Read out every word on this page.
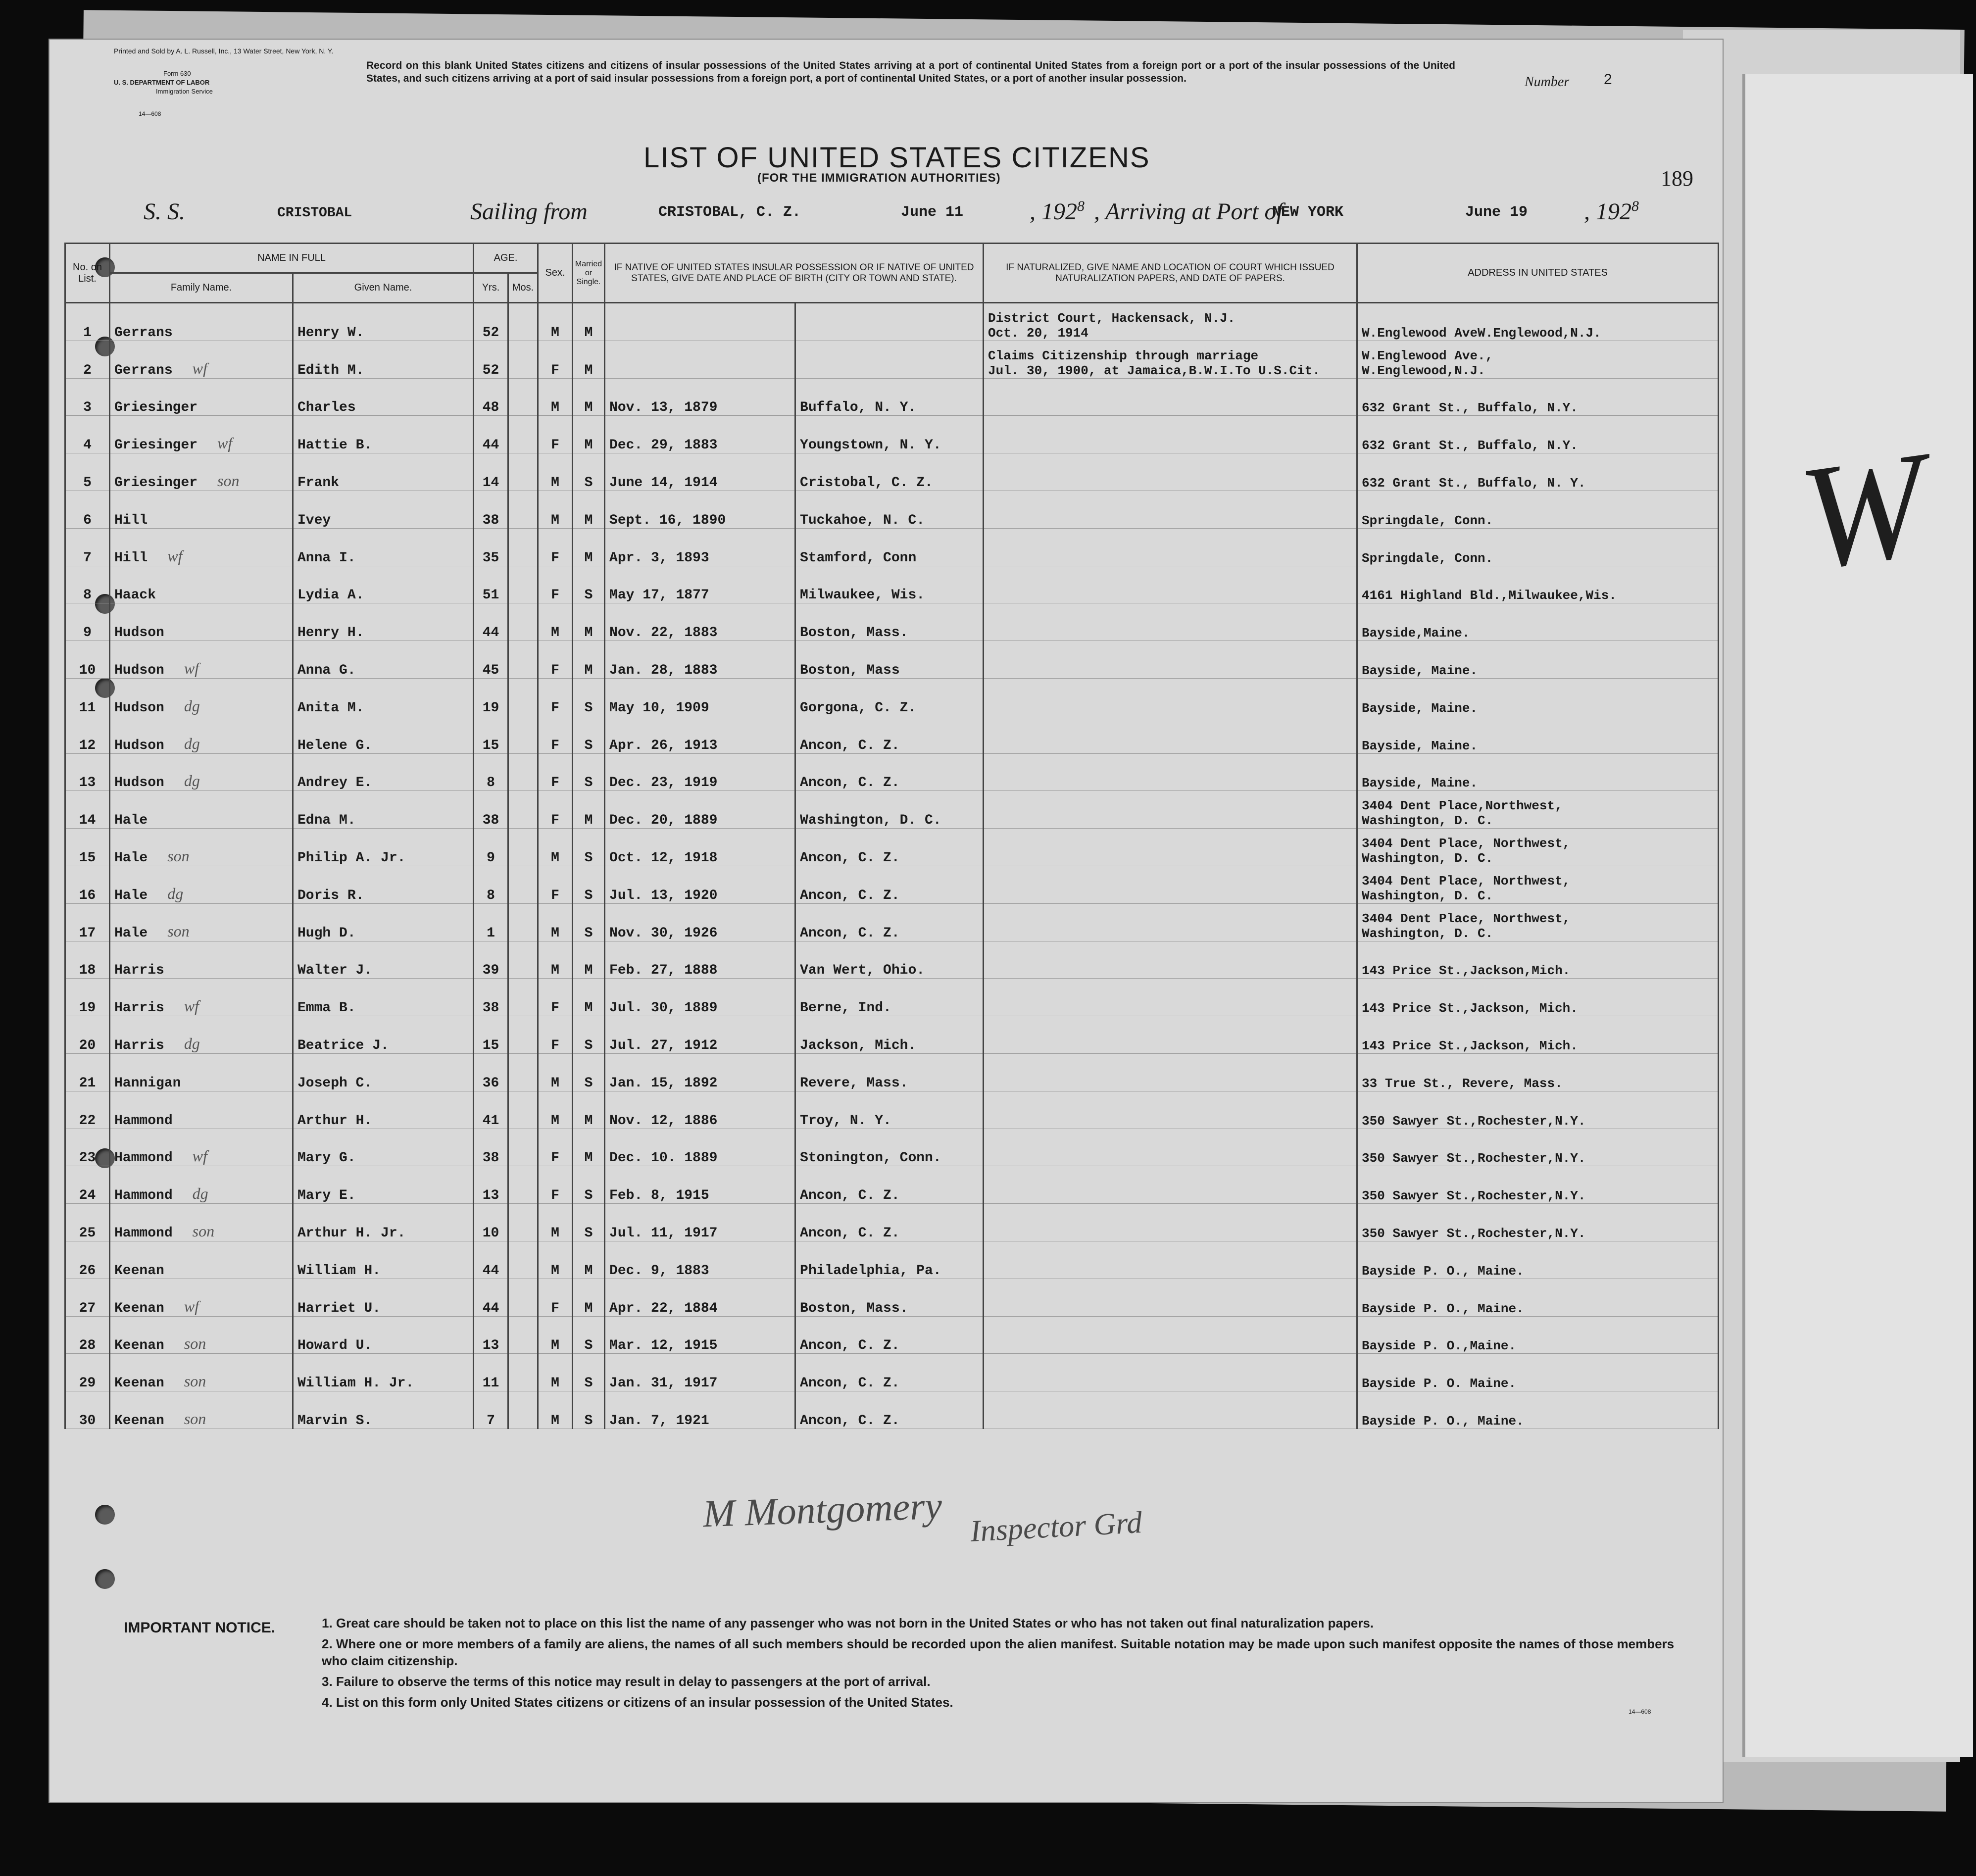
W
Printed and Sold by A. L. Russell, Inc., 13 Water Street, New York, N. Y.
Form 630
U. S. DEPARTMENT OF LABOR
Immigration Service
14—608
Record on this blank United States citizens and citizens of insular possessions of the United States arriving at a port of continental United States from a foreign port or a port of the insular possessions of the United States, and such citizens arriving at a port of said insular possessions from a foreign port, a port of continental United States, or a port of another insular possession.	Number 2
LIST OF UNITED STATES CITIZENS
(FOR THE IMMIGRATION AUTHORITIES)	189
S. S.	CRISTOBAL	Sailing from	CRISTOBAL, C. Z.	June 11	, $192^8$ , Arriving at Port of
NEW YORK	June 19 , $192^8$
No. on List.	NAME IN FULL		AGE.		Sex.	Married or Single.	IF NATIVE OF UNITED STATES INSULAR POSSESSION OR IF NATIVE OF UNITED STATES, GIVE DATE AND PLACE OF BIRTH (CITY OR TOWN AND STATE).		IF NATURALIZED, GIVE NAME AND LOCATION OF COURT WHICH ISSUED NATURALIZATION PAPERS, AND DATE OF PAPERS.	ADDRESS IN UNITED STATES
	Family Name.	Given Name.	Yrs.	Mos.						
1	Gerrans	Henry W.	52		M	M			District Court, Hackensack, N.J.
Oct. 20, 1914	W.Englewood AveW.Englewood,N.J.
2	Gerrans wf	Edith M.	52		F	M			Claims Citizenship through marriage
Jul. 30, 1900, at Jamaica,B.W.I.To U.S.Cit.	W.Englewood Ave.,
W.Englewood,N.J.
3	Griesinger	Charles	48		M	M	Nov. 13, 1879	Buffalo, N. Y.		632 Grant St., Buffalo, N.Y.
4	Griesinger wf	Hattie B.	44		F	M	Dec. 29, 1883	Youngstown, N. Y.		632 Grant St., Buffalo, N.Y.
5	Griesinger son	Frank	14		M	S	June 14, 1914	Cristobal, C. Z.		632 Grant St., Buffalo, N. Y.
6	Hill	Ivey	38		M	M	Sept. 16, 1890	Tuckahoe, N. C.		Springdale, Conn.
7	Hill wf	Anna I.	35		F	M	Apr. 3, 1893	Stamford, Conn		Springdale, Conn.
8	Haack	Lydia A.	51		F	S	May 17, 1877	Milwaukee, Wis.		4161 Highland Bld.,Milwaukee,Wis.
9	Hudson	Henry H.	44		M	M	Nov. 22, 1883	Boston, Mass.		Bayside,Maine.
10	Hudson wf	Anna G.	45		F	M	Jan. 28, 1883	Boston, Mass		Bayside, Maine.
11	Hudson dg	Anita M.	19		F	S	May 10, 1909	Gorgona, C. Z.		Bayside, Maine.
12	Hudson dg	Helene G.	15		F	S	Apr. 26, 1913	Ancon, C. Z.		Bayside, Maine.
13	Hudson dg	Andrey E.	8		F	S	Dec. 23, 1919	Ancon, C. Z.		Bayside, Maine.
14	Hale	Edna M.	38		F	M	Dec. 20, 1889	Washington, D. C.		3404 Dent Place,Northwest,
Washington, D. C.
15	Hale son	Philip A. Jr.	9		M	S	Oct. 12, 1918	Ancon, C. Z.		3404 Dent Place, Northwest,
Washington, D. C.
16	Hale dg	Doris R.	8		F	S	Jul. 13, 1920	Ancon, C. Z.		3404 Dent Place, Northwest,
Washington, D. C.
17	Hale son	Hugh D.	1		M	S	Nov. 30, 1926	Ancon, C. Z.		3404 Dent Place, Northwest,
Washington, D. C.
18	Harris	Walter J.	39		M	M	Feb. 27, 1888	Van Wert, Ohio.		143 Price St.,Jackson,Mich.
19	Harris wf	Emma B.	38		F	M	Jul. 30, 1889	Berne, Ind.		143 Price St.,Jackson, Mich.
20	Harris dg	Beatrice J.	15		F	S	Jul. 27, 1912	Jackson, Mich.		143 Price St.,Jackson, Mich.
21	Hannigan	Joseph C.	36		M	S	Jan. 15, 1892	Revere, Mass.		33 True St., Revere, Mass.
22	Hammond	Arthur H.	41		M	M	Nov. 12, 1886	Troy, N. Y.		350 Sawyer St.,Rochester,N.Y.
23	Hammond wf	Mary G.	38		F	M	Dec. 10. 1889	Stonington, Conn.		350 Sawyer St.,Rochester,N.Y.
24	Hammond dg	Mary E.	13		F	S	Feb. 8, 1915	Ancon, C. Z.		350 Sawyer St.,Rochester,N.Y.
25	Hammond son	Arthur H. Jr.	10		M	S	Jul. 11, 1917	Ancon, C. Z.		350 Sawyer St.,Rochester,N.Y.
26	Keenan	William H.	44		M	M	Dec. 9, 1883	Philadelphia, Pa.		Bayside P. O., Maine.
27	Keenan wf	Harriet U.	44		F	M	Apr. 22, 1884	Boston, Mass.		Bayside P. O., Maine.
28	Keenan son	Howard U.	13		M	S	Mar. 12, 1915	Ancon, C. Z.		Bayside P. O.,Maine.
29	Keenan son	William H. Jr.	11		M	S	Jan. 31, 1917	Ancon, C. Z.		Bayside P. O. Maine.
30	Keenan son	Marvin S.	7		M	S	Jan. 7, 1921	Ancon, C. Z.		Bayside P. O., Maine.
M Montgomery Inspector Grd
IMPORTANT NOTICE.	1. Great care should be taken not to place on this list the name of any passenger who was not born in the United States or who has not taken out final naturalization papers.
2. Where one or more members of a family are aliens, the names of all such members should be recorded upon the alien manifest. Suitable notation may be made upon such manifest opposite the names of those members who claim citizenship.
3. Failure to observe the terms of this notice may result in delay to passengers at the port of arrival.
4. List on this form only United States citizens or citizens of an insular possession of the United States.
14—608
